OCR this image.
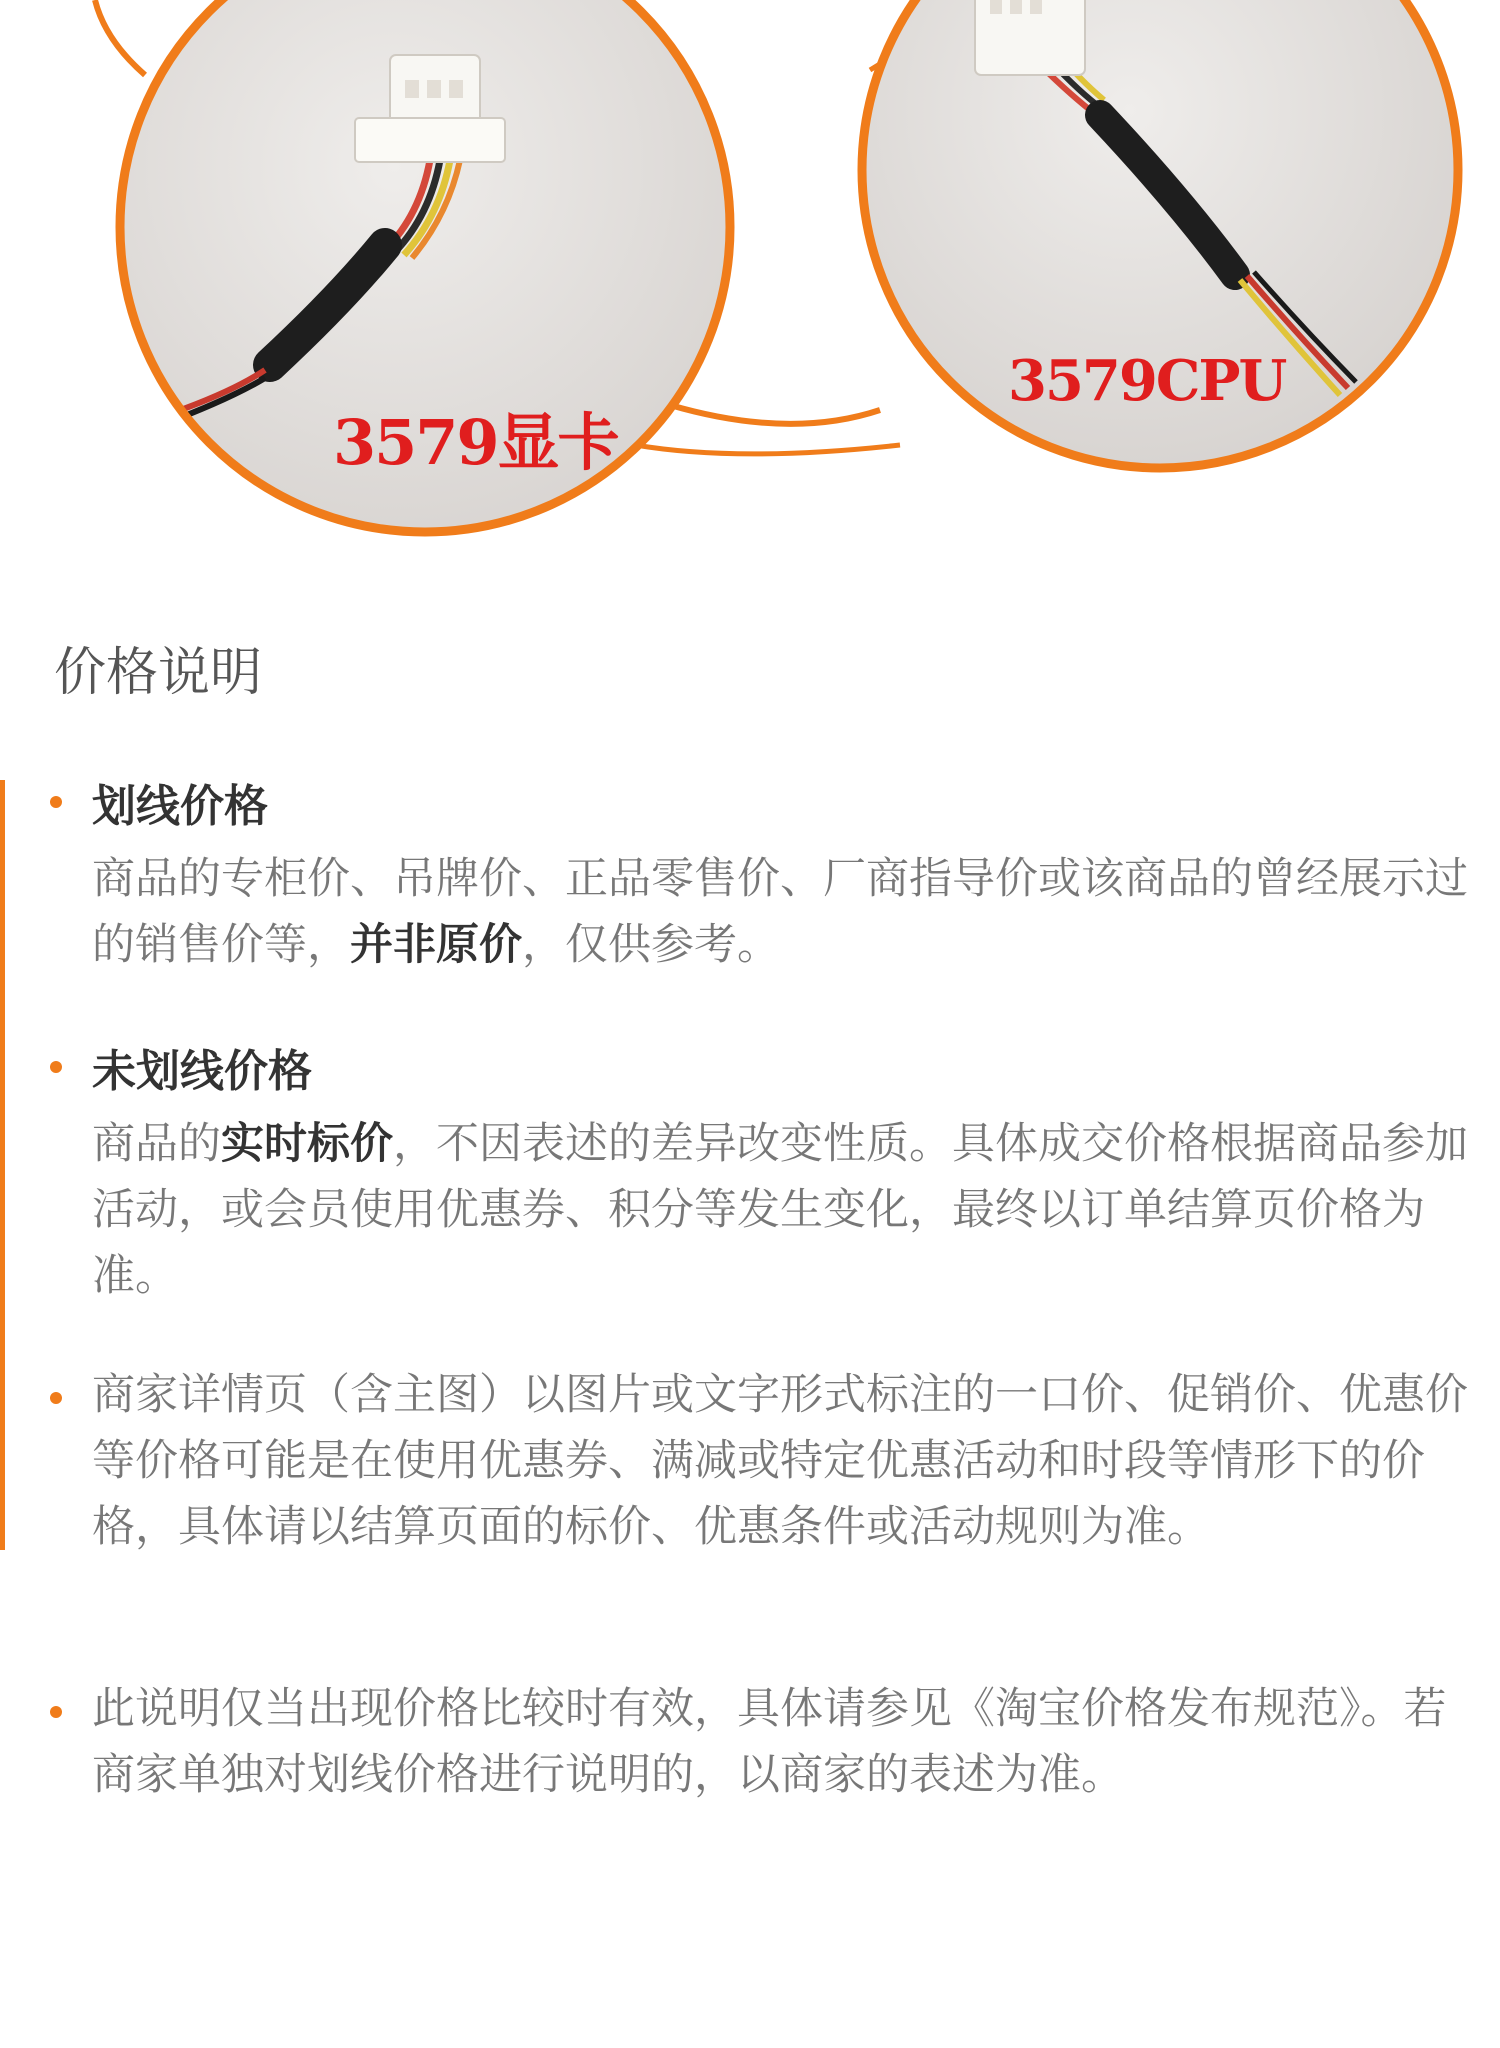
3579显卡
3579CPU
价格说明
划线价格
商品的专柜价、吊牌价、正品零售价、厂商指导价或该商品的曾经展示过的销售价等，并非原价，仅供参考。
未划线价格
商品的实时标价，不因表述的差异改变性质。具体成交价格根据商品参加活动，或会员使用优惠券、积分等发生变化，最终以订单结算页价格为准。
商家详情页（含主图）以图片或文字形式标注的一口价、促销价、优惠价等价格可能是在使用优惠券、满减或特定优惠活动和时段等情形下的价格，具体请以结算页面的标价、优惠条件或活动规则为准。
此说明仅当出现价格比较时有效，具体请参见《淘宝价格发布规范》。若商家单独对划线价格进行说明的，以商家的表述为准。
